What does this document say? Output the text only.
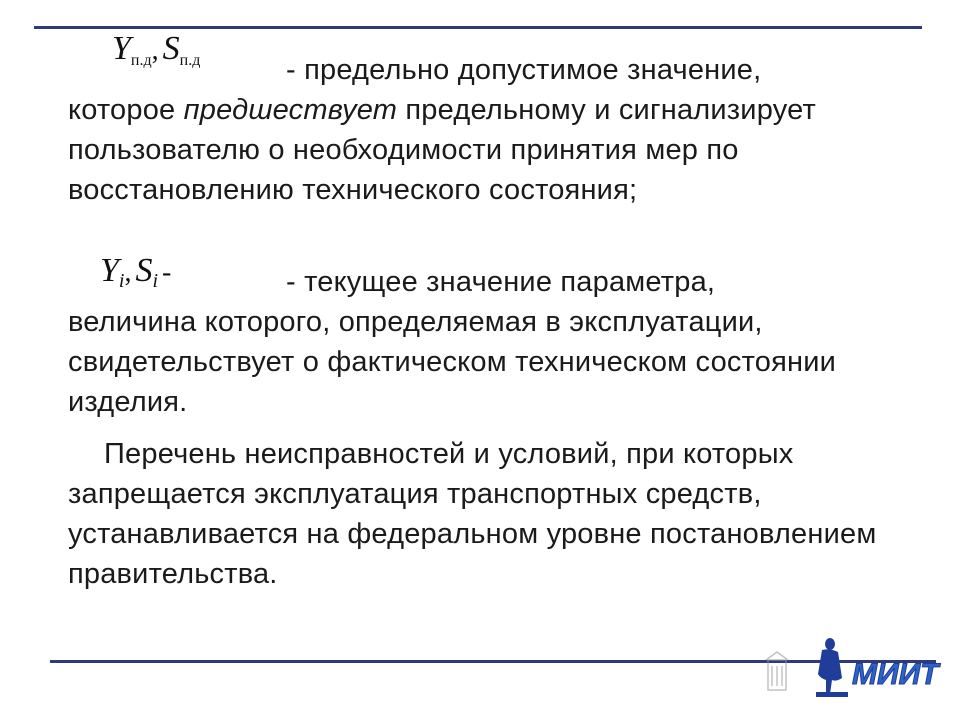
Yп.д, Sп.д	- предельно допустимое значение,
которое предшествует предельному и сигнализирует пользователю о необходимости принятия мер по восстановлению технического состояния;

Yi, Si -	- текущее значение параметра,
величина которого, определяемая в эксплуатации, свидетельствует о фактическом техническом состоянии изделия.

Перечень неисправностей и условий, при которых запрещается эксплуатация транспортных средств, устанавливается на федеральном уровне постановлением правительства.

МИИТ
